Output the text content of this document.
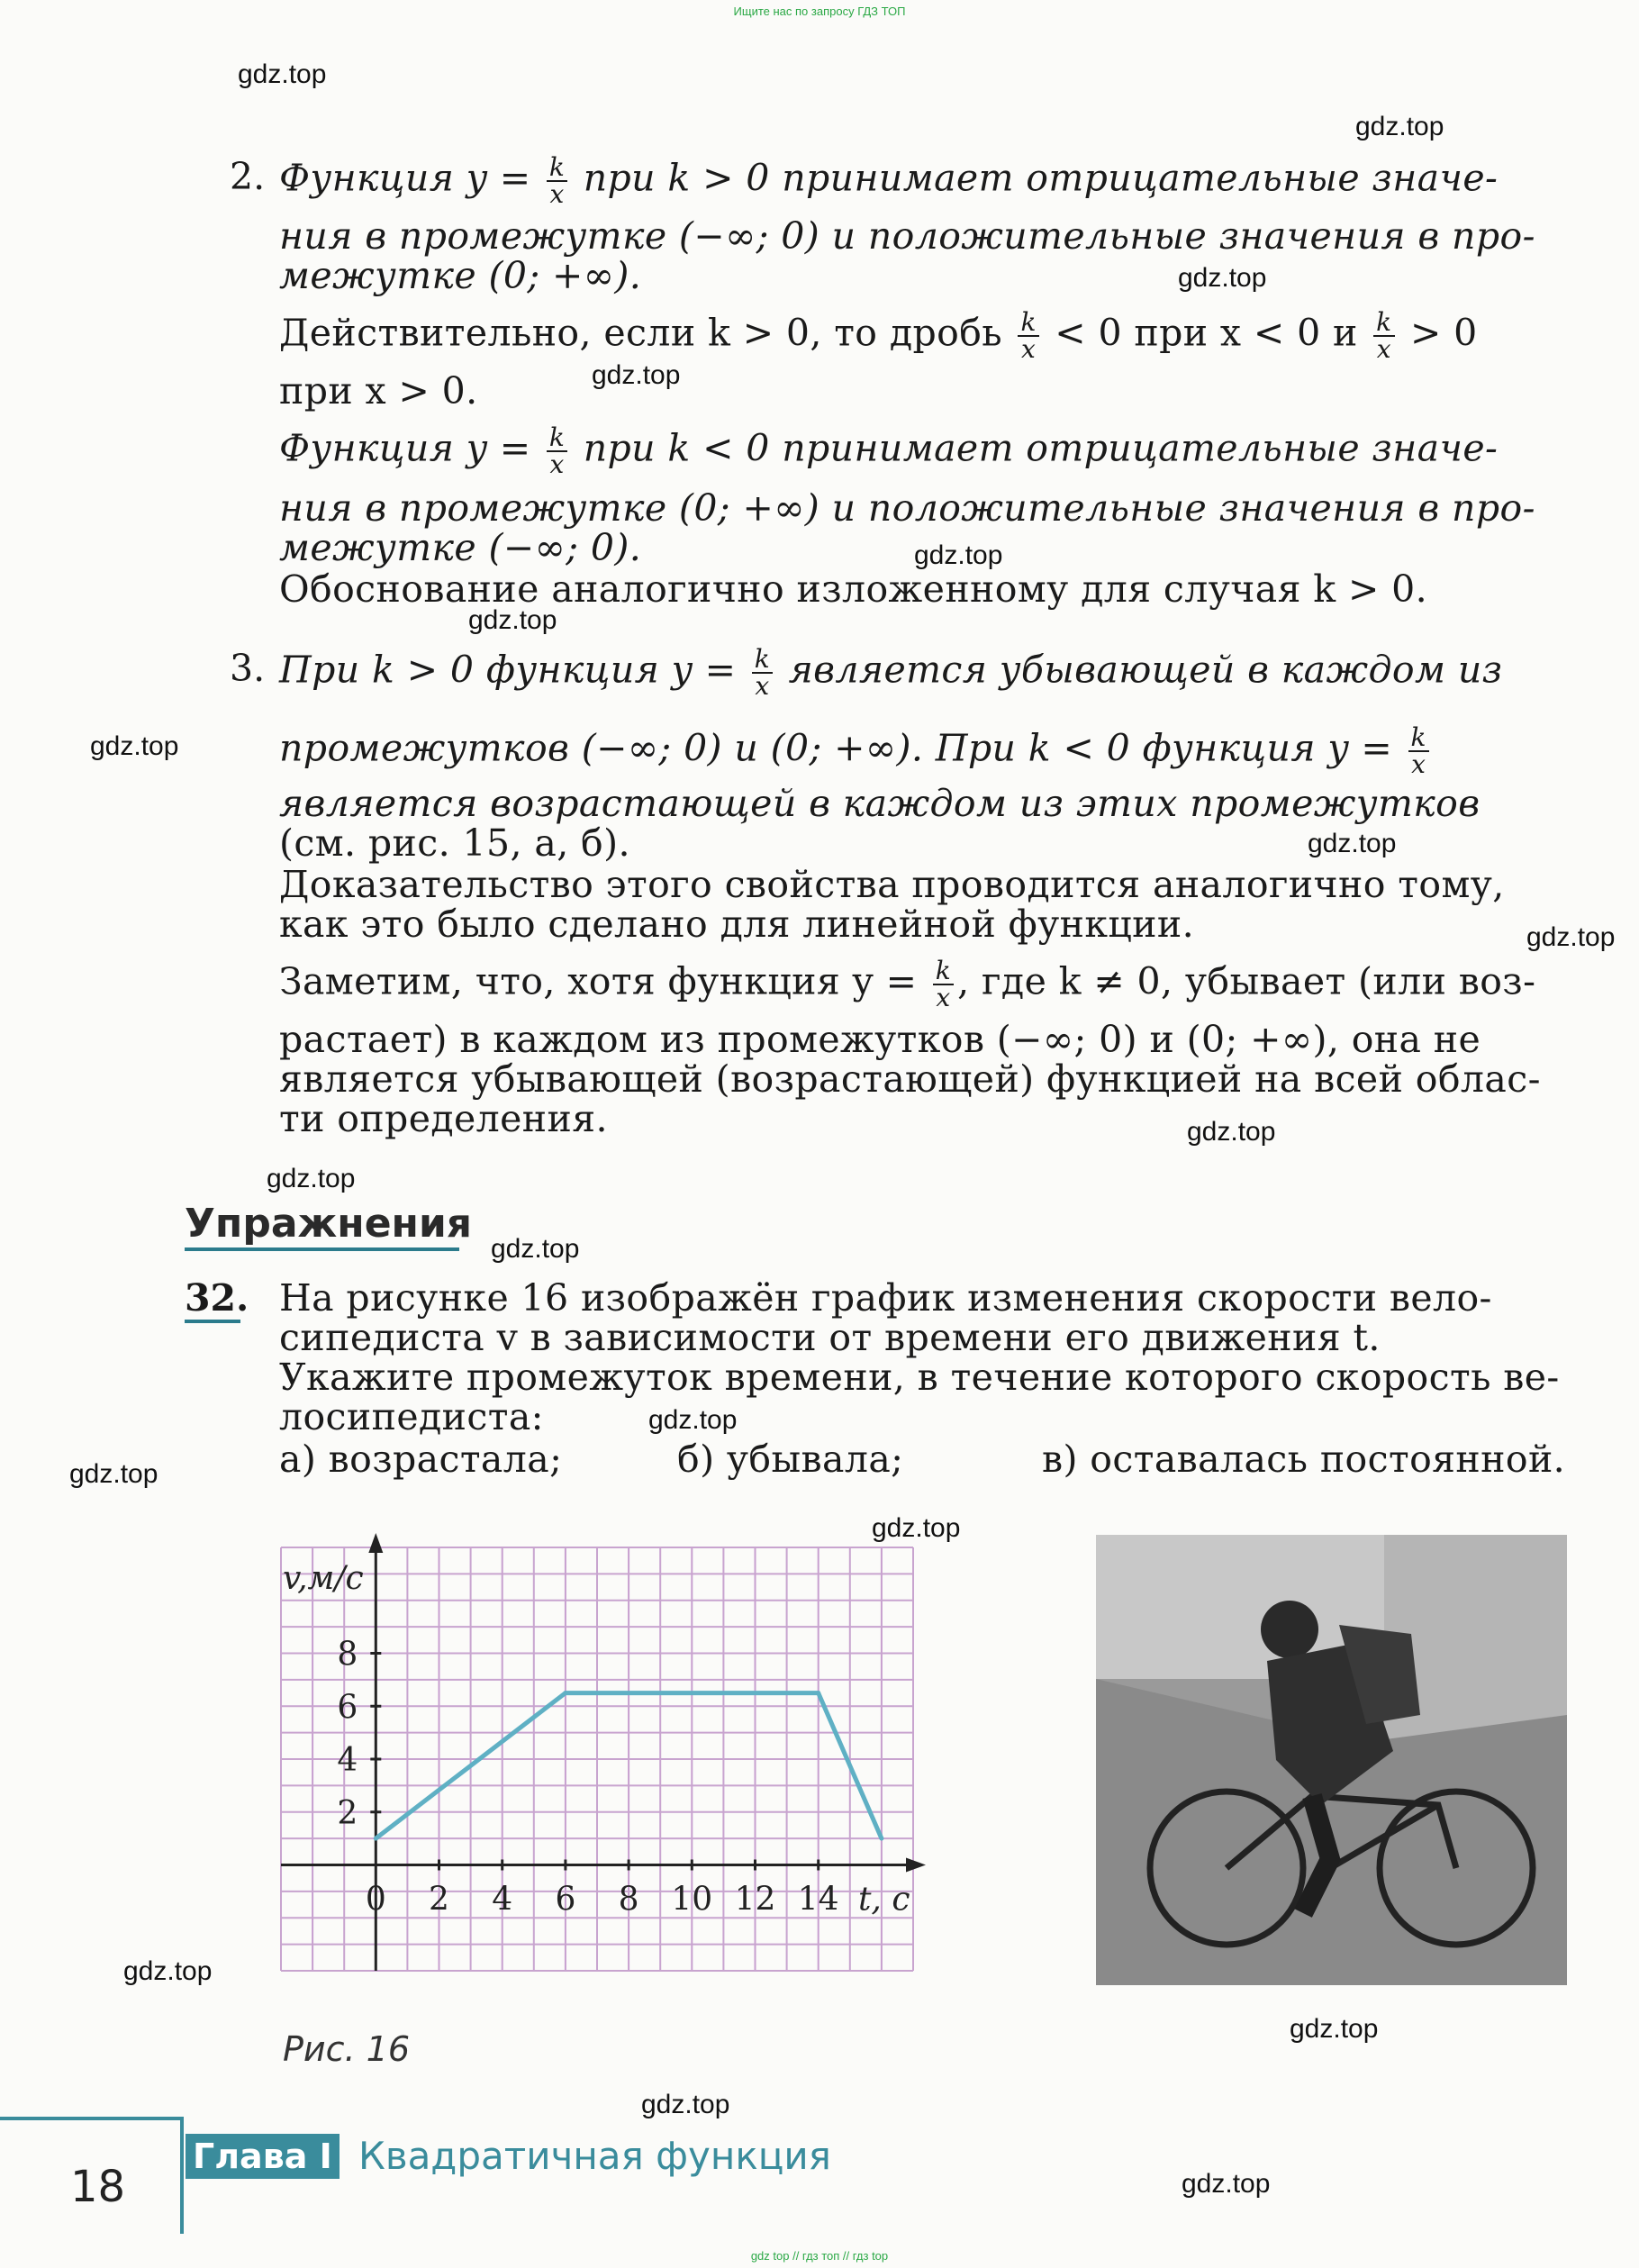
Ищите нас по запросу ГДЗ ТОП
gdz.top
gdz.top
gdz.top
gdz.top
gdz.top
gdz.top
gdz.top
gdz.top
gdz.top
gdz.top
gdz.top
gdz.top
gdz.top
gdz.top
gdz.top
gdz.top
gdz.top
gdz.top
gdz.top
2. Функция $y = \frac{k}{x}$ при k > 0 принимает отрицательные значе-
ния в промежутке (−∞; 0) и положительные значения в про-
межутке (0; +∞).
Действительно, если k > 0, то дробь $\frac{k}{x} < 0$ при x < 0 и $\frac{k}{x} > 0$
при x > 0.
Функция $y = \frac{k}{x}$ при k < 0 принимает отрицательные значе-
ния в промежутке (0; +∞) и положительные значения в про-
межутке (−∞; 0).
Обоснование аналогично изложенному для случая k > 0.
3. При k > 0 функция $y = \frac{k}{x}$ является убывающей в каждом из
промежутков (−∞; 0) и (0; +∞). При k < 0 функция $y = \frac{k}{x}$
является возрастающей в каждом из этих промежутков
(см. рис. 15, а, б).
Доказательство этого свойства проводится аналогично тому,
как это было сделано для линейной функции.
Заметим, что, хотя функция $y = \frac{k}{x}$ , где k ≠ 0, убывает (или воз-
растает) в каждом из промежутков (−∞; 0) и (0; +∞), она не
является убывающей (возрастающей) функцией на всей облас-
ти определения.
Упражнения
32. На рисунке 16 изображён график изменения скорости вело-
сипедиста v в зависимости от времени его движения t.
Укажите промежуток времени, в течение которого скорость ве-
лосипедиста:
а) возрастала;	б) убывала;	в) оставалась постоянной.
0 2 4 6 8 10 12 14
2
4
6
8
t, с
v,м/с
Рис. 16
18
Глава I Квадратичная функция
gdz top // гдз топ // гдз top
